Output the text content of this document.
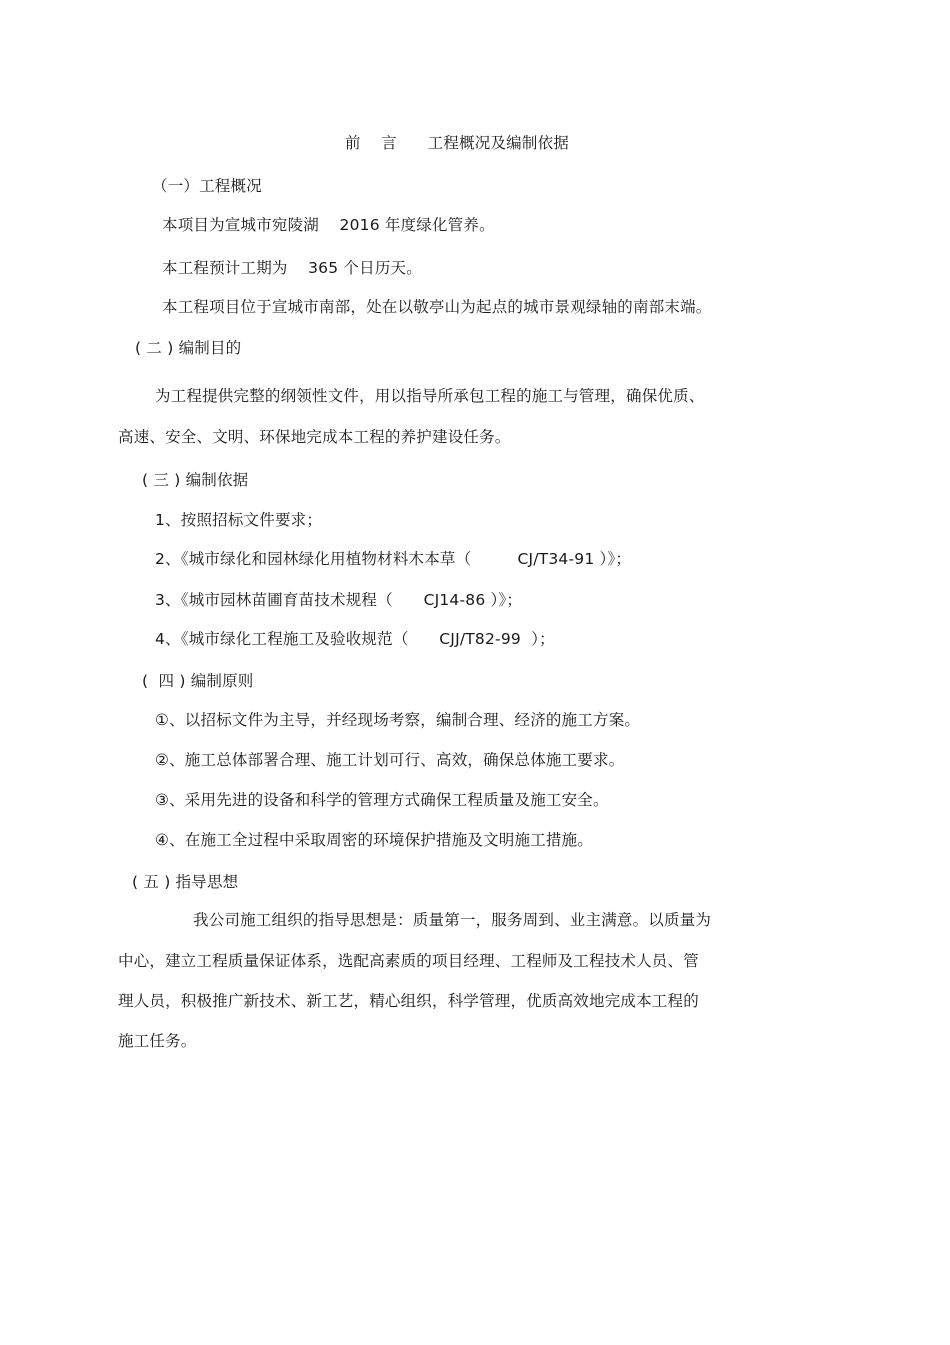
前    言      工程概况及编制依据
（一）工程概况
本项目为宣城市宛陵湖    2016 年度绿化管养。
本工程预计工期为    365 个日历天。
本工程项目位于宣城市南部，处在以敬亭山为起点的城市景观绿轴的南部末端。
( 二 ) 编制目的
为工程提供完整的纲领性文件，用以指导所承包工程的施工与管理，确保优质、
高速、安全、文明、环保地完成本工程的养护建设任务。
( 三 ) 编制依据
1、按照招标文件要求；
2、《城市绿化和园林绿化用植物材料木本草（         CJ/T34-91 ）》；
3、《城市园林苗圃育苗技术规程（      CJ14-86 ）》；
4、《城市绿化工程施工及验收规范（      CJJ/T82-99  ）；
(  四 ) 编制原则
①、以招标文件为主导，并经现场考察，编制合理、经济的施工方案。
②、施工总体部署合理、施工计划可行、高效，确保总体施工要求。
③、采用先进的设备和科学的管理方式确保工程质量及施工安全。
④、在施工全过程中采取周密的环境保护措施及文明施工措施。
( 五 ) 指导思想
我公司施工组织的指导思想是：质量第一，服务周到、业主满意。以质量为
中心，建立工程质量保证体系，选配高素质的项目经理、工程师及工程技术人员、管
理人员，积极推广新技术、新工艺，精心组织，科学管理，优质高效地完成本工程的
施工任务。
